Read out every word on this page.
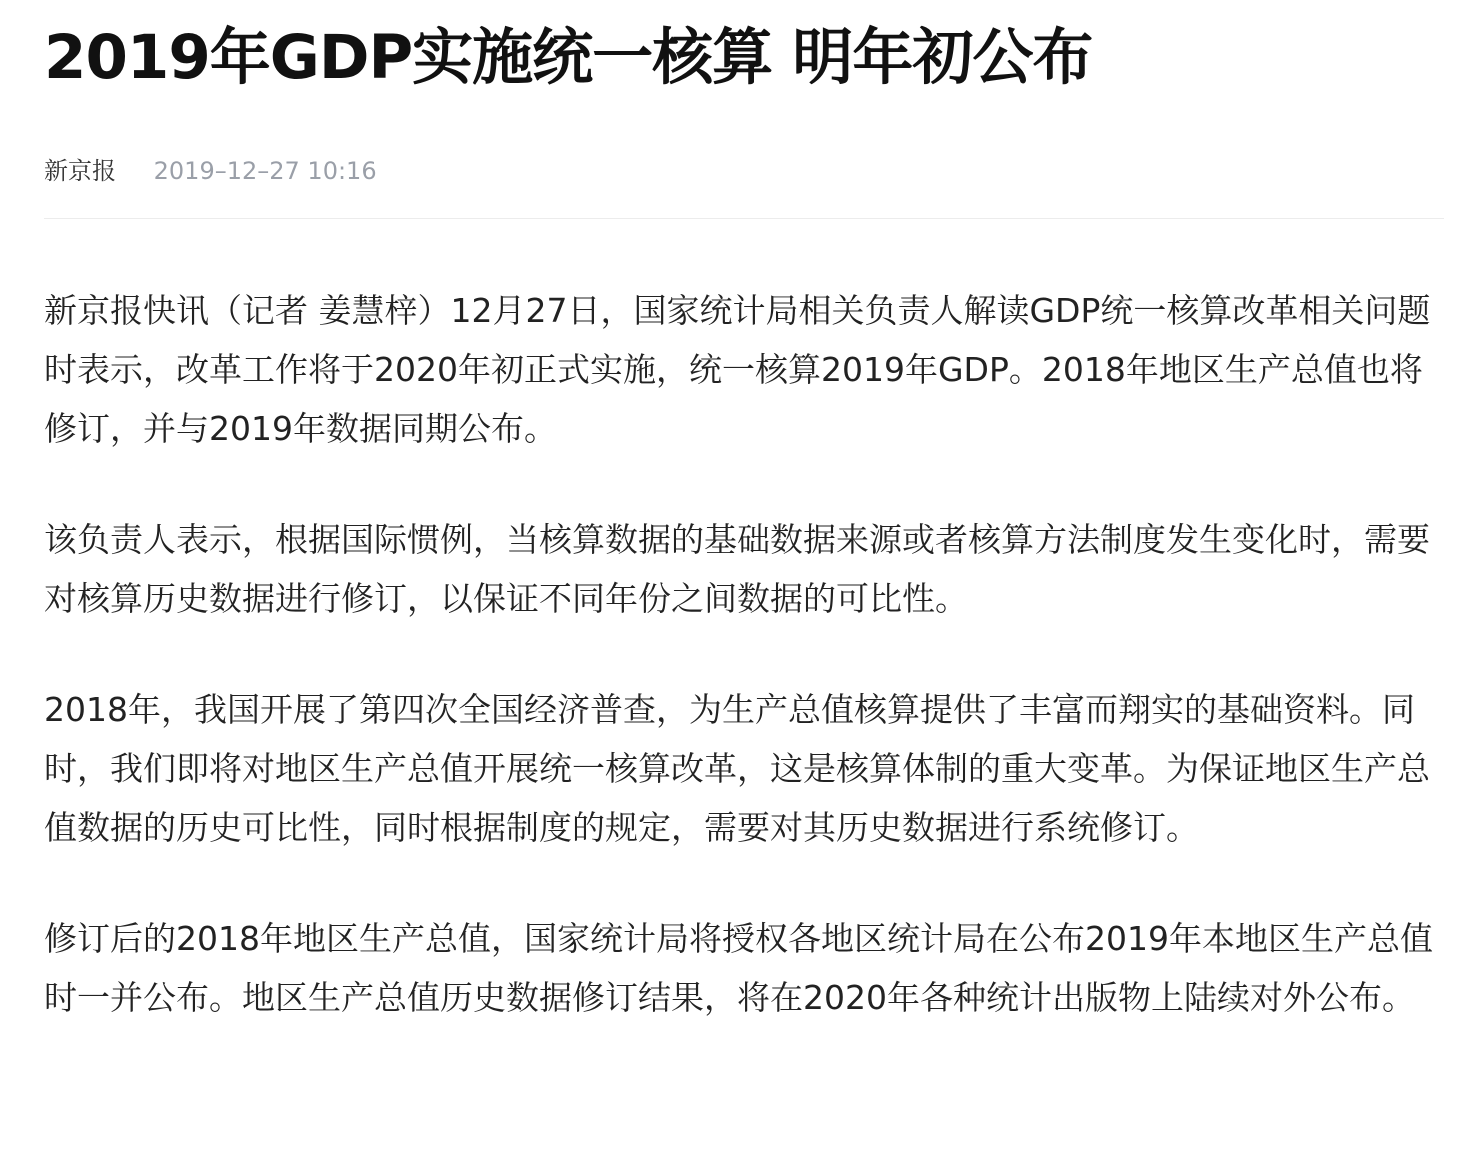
2019年GDP实施统一核算 明年初公布
新京报 2019–12–27 10:16

新京报快讯（记者 姜慧梓）12月27日，国家统计局相关负责人解读GDP统一核算改革相关问题时表示，改革工作将于2020年初正式实施，统一核算2019年GDP。2018年地区生产总值也将修订，并与2019年数据同期公布。

该负责人表示，根据国际惯例，当核算数据的基础数据来源或者核算方法制度发生变化时，需要对核算历史数据进行修订，以保证不同年份之间数据的可比性。

2018年，我国开展了第四次全国经济普查，为生产总值核算提供了丰富而翔实的基础资料。同时，我们即将对地区生产总值开展统一核算改革，这是核算体制的重大变革。为保证地区生产总值数据的历史可比性，同时根据制度的规定，需要对其历史数据进行系统修订。

修订后的2018年地区生产总值，国家统计局将授权各地区统计局在公布2019年本地区生产总值时一并公布。地区生产总值历史数据修订结果，将在2020年各种统计出版物上陆续对外公布。
